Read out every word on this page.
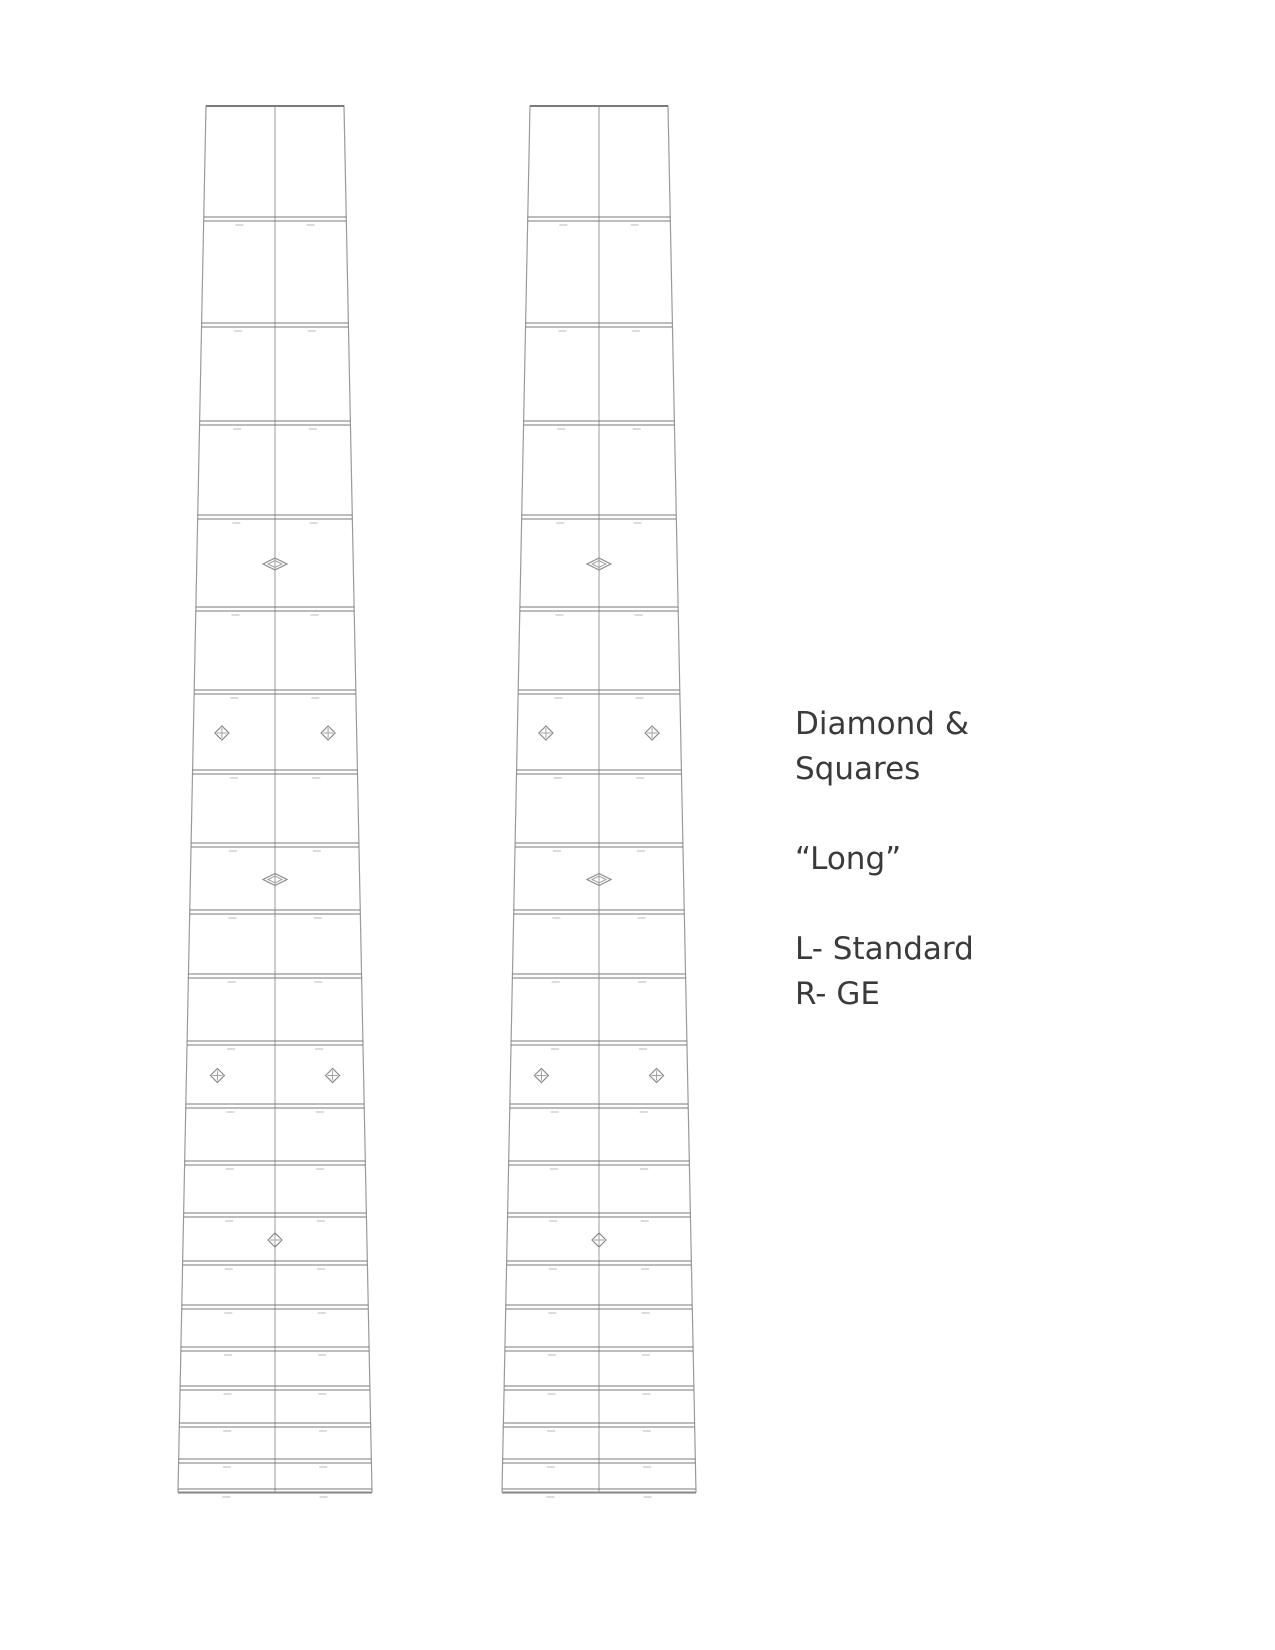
Diamond &
Squares
“Long”
L- Standard
R- GE
